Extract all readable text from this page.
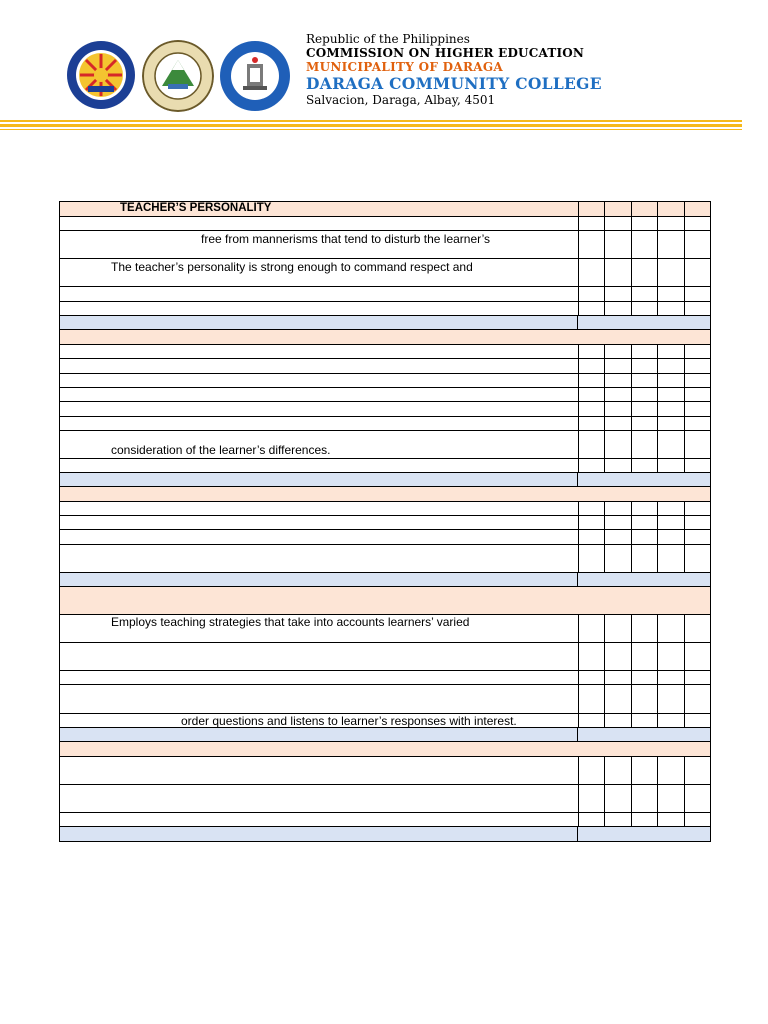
Republic of the Philippines
COMMISSION ON HIGHER EDUCATION
MUNICIPALITY OF DARAGA
DARAGA COMMUNITY COLLEGE
Salvacion, Daraga, Albay, 4501
TEACHER’S PERSONALITY
free from mannerisms that tend to disturb the learner’s
The teacher’s personality is strong enough to command respect and
consideration of the learner’s differences.
Employs teaching strategies that take into accounts learners’ varied
order questions and listens to learner’s responses with interest.
